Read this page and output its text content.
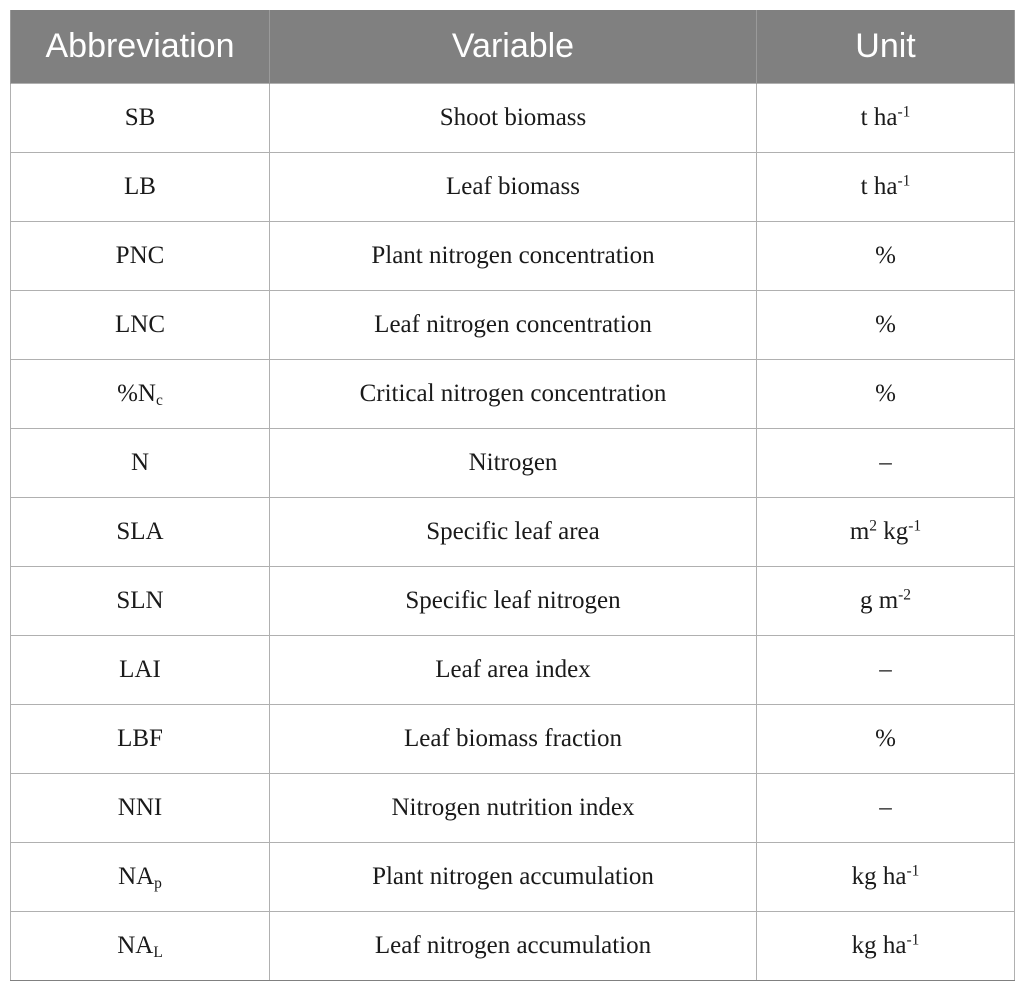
Abbreviation	Variable	Unit
SB	Shoot biomass	t $ha^{-1}$
LB	Leaf biomass	t $ha^{-1}$
PNC	Plant nitrogen concentration	%
LNC	Leaf nitrogen concentration	%
$\%N_c$	Critical nitrogen concentration	%
N	Nitrogen	–
SLA	Specific leaf area	$m^2$ $kg^{-1}$
SLN	Specific leaf nitrogen	g $m^{-2}$
LAI	Leaf area index	–
LBF	Leaf biomass fraction	%
NNI	Nitrogen nutrition index	–
$NA_p$	Plant nitrogen accumulation	kg $ha^{-1}$
$NA_L$	Leaf nitrogen accumulation	kg $ha^{-1}$
